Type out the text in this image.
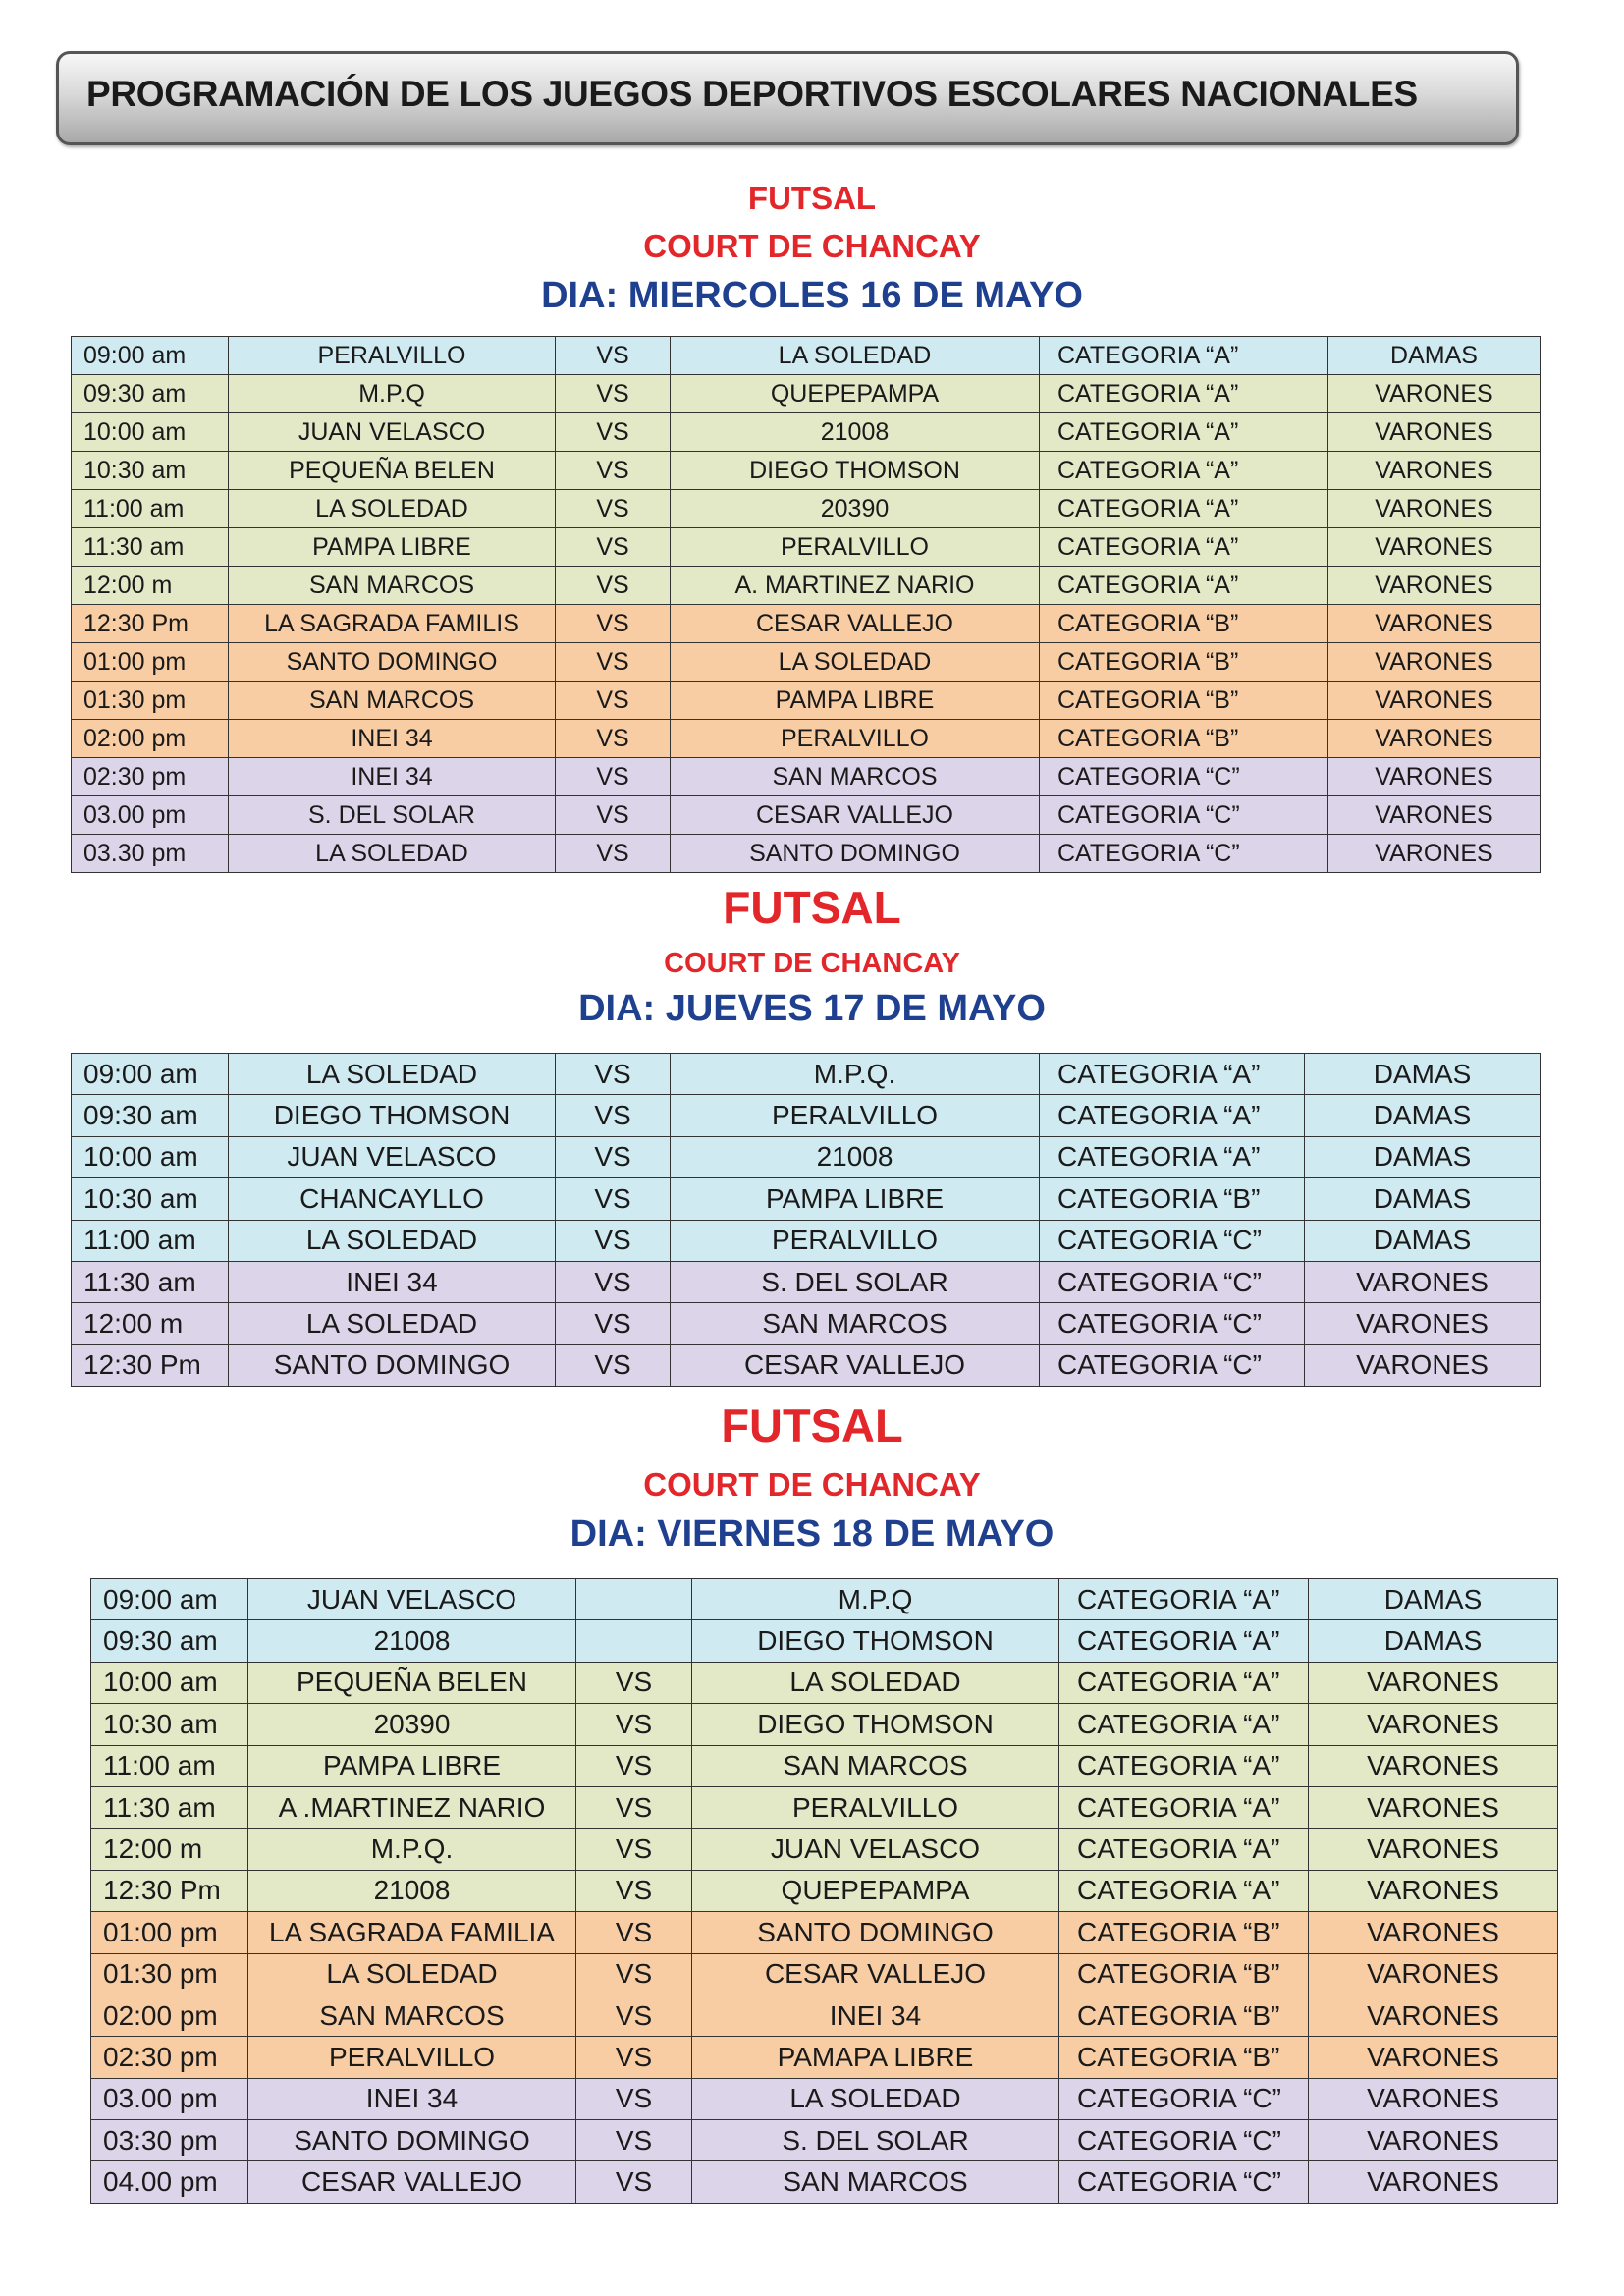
PROGRAMACIÓN DE LOS JUEGOS DEPORTIVOS ESCOLARES NACIONALES
FUTSAL
COURT DE CHANCAY
DIA: MIERCOLES 16 DE MAYO
09:00 am	PERALVILLO	VS	LA SOLEDAD	CATEGORIA “A”	DAMAS
09:30 am	M.P.Q	VS	QUEPEPAMPA	CATEGORIA “A”	VARONES
10:00 am	JUAN VELASCO	VS	21008	CATEGORIA “A”	VARONES
10:30 am	PEQUEÑA BELEN	VS	DIEGO THOMSON	CATEGORIA “A”	VARONES
11:00 am	LA SOLEDAD	VS	20390	CATEGORIA “A”	VARONES
11:30 am	PAMPA LIBRE	VS	PERALVILLO	CATEGORIA “A”	VARONES
12:00 m	SAN MARCOS	VS	A. MARTINEZ NARIO	CATEGORIA “A”	VARONES
12:30 Pm	LA SAGRADA FAMILIS	VS	CESAR VALLEJO	CATEGORIA “B”	VARONES
01:00 pm	SANTO DOMINGO	VS	LA SOLEDAD	CATEGORIA “B”	VARONES
01:30 pm	SAN MARCOS	VS	PAMPA LIBRE	CATEGORIA “B”	VARONES
02:00 pm	INEI 34	VS	PERALVILLO	CATEGORIA “B”	VARONES
02:30 pm	INEI 34	VS	SAN MARCOS	CATEGORIA “C”	VARONES
03.00 pm	S. DEL SOLAR	VS	CESAR VALLEJO	CATEGORIA “C”	VARONES
03.30 pm	LA SOLEDAD	VS	SANTO DOMINGO	CATEGORIA “C”	VARONES
FUTSAL
COURT DE CHANCAY
DIA: JUEVES 17 DE MAYO
09:00 am	LA SOLEDAD	VS	M.P.Q.	CATEGORIA “A”	DAMAS
09:30 am	DIEGO THOMSON	VS	PERALVILLO	CATEGORIA “A”	DAMAS
10:00 am	JUAN VELASCO	VS	21008	CATEGORIA “A”	DAMAS
10:30 am	CHANCAYLLO	VS	PAMPA LIBRE	CATEGORIA “B”	DAMAS
11:00 am	LA SOLEDAD	VS	PERALVILLO	CATEGORIA “C”	DAMAS
11:30 am	INEI 34	VS	S. DEL SOLAR	CATEGORIA “C”	VARONES
12:00 m	LA SOLEDAD	VS	SAN MARCOS	CATEGORIA “C”	VARONES
12:30 Pm	SANTO DOMINGO	VS	CESAR VALLEJO	CATEGORIA “C”	VARONES
FUTSAL
COURT DE CHANCAY
DIA: VIERNES 18 DE MAYO
09:00 am	JUAN VELASCO		M.P.Q	CATEGORIA “A”	DAMAS
09:30 am	21008		DIEGO THOMSON	CATEGORIA “A”	DAMAS
10:00 am	PEQUEÑA BELEN	VS	LA SOLEDAD	CATEGORIA “A”	VARONES
10:30 am	20390	VS	DIEGO THOMSON	CATEGORIA “A”	VARONES
11:00 am	PAMPA LIBRE	VS	SAN MARCOS	CATEGORIA “A”	VARONES
11:30 am	A .MARTINEZ NARIO	VS	PERALVILLO	CATEGORIA “A”	VARONES
12:00 m	M.P.Q.	VS	JUAN VELASCO	CATEGORIA “A”	VARONES
12:30 Pm	21008	VS	QUEPEPAMPA	CATEGORIA “A”	VARONES
01:00 pm	LA SAGRADA FAMILIA	VS	SANTO DOMINGO	CATEGORIA “B”	VARONES
01:30 pm	LA SOLEDAD	VS	CESAR VALLEJO	CATEGORIA “B”	VARONES
02:00 pm	SAN MARCOS	VS	INEI 34	CATEGORIA “B”	VARONES
02:30 pm	PERALVILLO	VS	PAMAPA LIBRE	CATEGORIA “B”	VARONES
03.00 pm	INEI 34	VS	LA SOLEDAD	CATEGORIA “C”	VARONES
03:30 pm	SANTO DOMINGO	VS	S. DEL SOLAR	CATEGORIA “C”	VARONES
04.00 pm	CESAR VALLEJO	VS	SAN MARCOS	CATEGORIA “C”	VARONES
